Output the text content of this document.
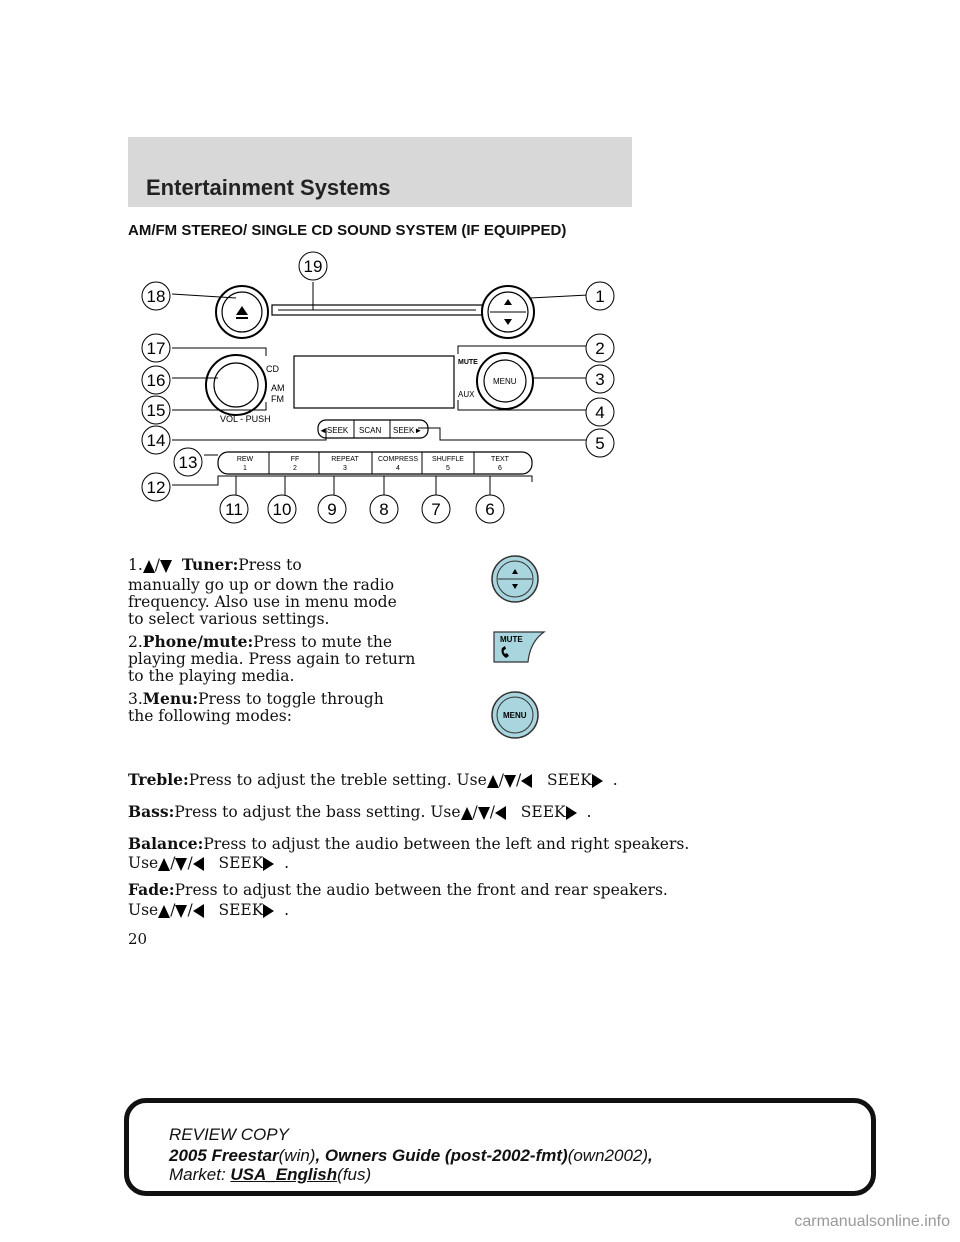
Entertainment Systems
AM/FM STEREO/ SINGLE CD SOUND SYSTEM (IF EQUIPPED)
CD
AM
FM
VOL - PUSH
MENU
MUTE
AUX
◄SEEK SCAN SEEK►
REW
1
FF
2
REPEAT
3
COMPRESS
4
SHUFFLE
5
TEXT
6
1
2
3
4
5
6
7
8
9
10
11
12
13
14
15
16
17
18
19
1. / Tuner:Press to
manually go up or down the radio
frequency. Also use in menu mode
to select various settings.
2.Phone/mute:Press to mute the
playing media. Press again to return
to the playing media.
3.Menu:Press to toggle through
the following modes:
MUTE
MENU
Treble:Press to adjust the treble setting. Use / / SEEK .
Bass:Press to adjust the bass setting. Use / / SEEK .
Balance:Press to adjust the audio between the left and right speakers.
Use / / SEEK .
Fade:Press to adjust the audio between the front and rear speakers.
Use / / SEEK .
20
REVIEW COPY
2005 Freestar(win), Owners Guide (post-2002-fmt)(own2002),
Market: USA_English(fus)
carmanualsonline.info
